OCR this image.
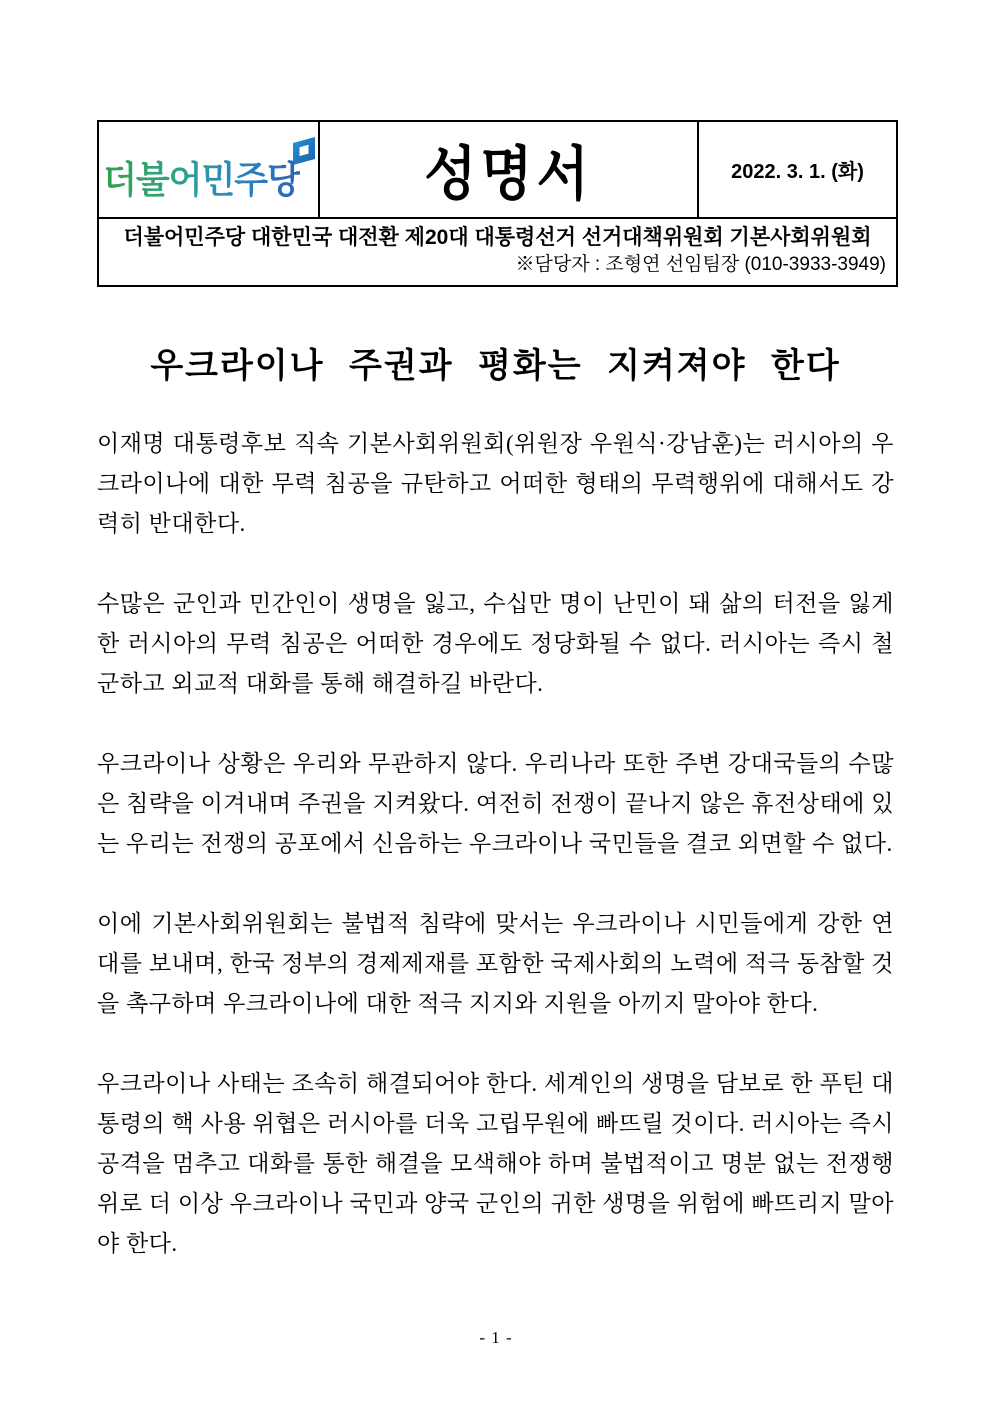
더불어민주당 성명서	2022. 3. 1. (화)
더불어민주당 대한민국 대전환 제20대 대통령선거 선거대책위원회 기본사회위원회
※담당자 : 조형연 선임팀장 (010-3933-3949)
우크라이나 주권과 평화는 지켜져야 한다

이재명 대통령후보 직속 기본사회위원회(위원장 우원식·강남훈)는 러시아의 우크라이나에 대한 무력 침공을 규탄하고 어떠한 형태의 무력행위에 대해서도 강력히 반대한다.

수많은 군인과 민간인이 생명을 잃고, 수십만 명이 난민이 돼 삶의 터전을 잃게 한 러시아의 무력 침공은 어떠한 경우에도 정당화될 수 없다. 러시아는 즉시 철군하고 외교적 대화를 통해 해결하길 바란다.

우크라이나 상황은 우리와 무관하지 않다. 우리나라 또한 주변 강대국들의 수많은 침략을 이겨내며 주권을 지켜왔다. 여전히 전쟁이 끝나지 않은 휴전상태에 있는 우리는 전쟁의 공포에서 신음하는 우크라이나 국민들을 결코 외면할 수 없다.

이에 기본사회위원회는 불법적 침략에 맞서는 우크라이나 시민들에게 강한 연대를 보내며, 한국 정부의 경제제재를 포함한 국제사회의 노력에 적극 동참할 것을 촉구하며 우크라이나에 대한 적극 지지와 지원을 아끼지 말아야 한다.

우크라이나 사태는 조속히 해결되어야 한다. 세계인의 생명을 담보로 한 푸틴 대통령의 핵 사용 위협은 러시아를 더욱 고립무원에 빠뜨릴 것이다. 러시아는 즉시 공격을 멈추고 대화를 통한 해결을 모색해야 하며 불법적이고 명분 없는 전쟁행위로 더 이상 우크라이나 국민과 양국 군인의 귀한 생명을 위험에 빠뜨리지 말아야 한다.

- 1 -
